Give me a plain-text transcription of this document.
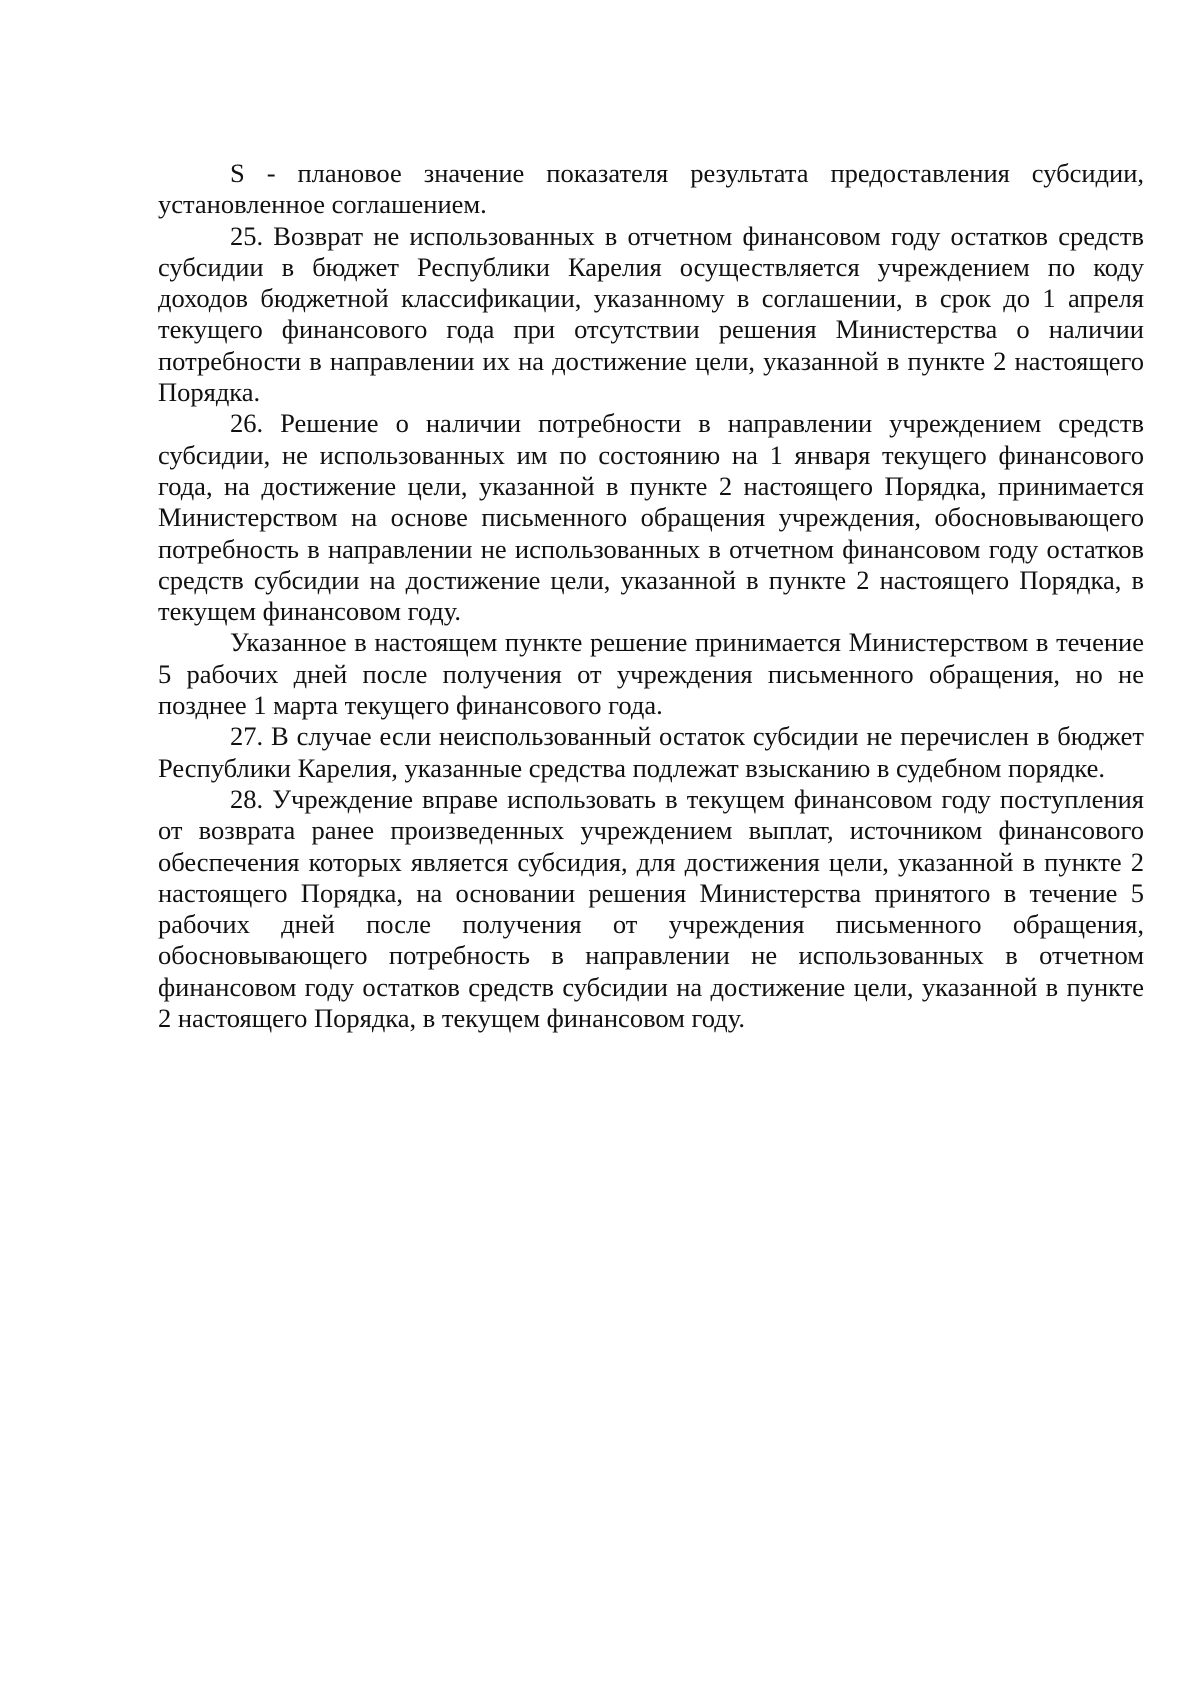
S - плановое значение показателя результата предоставления субсидии, установленное соглашением.

25. Возврат не использованных в отчетном финансовом году остатков средств субсидии в бюджет Республики Карелия осуществляется учреждением по коду доходов бюджетной классификации, указанному в соглашении, в срок до 1 апреля текущего финансового года при отсутствии решения Министерства о наличии потребности в направлении их на достижение цели, указанной в пункте 2 настоящего Порядка.

26. Решение о наличии потребности в направлении учреждением средств субсидии, не использованных им по состоянию на 1 января текущего финансового года, на достижение цели, указанной в пункте 2 настоящего Порядка, принимается Министерством на основе письменного обращения учреждения, обосновывающего потребность в направлении не использованных в отчетном финансовом году остатков средств субсидии на достижение цели, указанной в пункте 2 настоящего Порядка, в текущем финансовом году.

Указанное в настоящем пункте решение принимается Министерством в течение 5 рабочих дней после получения от учреждения письменного обращения, но не позднее 1 марта текущего финансового года.

27. В случае если неиспользованный остаток субсидии не перечислен в бюджет Республики Карелия, указанные средства подлежат взысканию в судебном порядке.

28. Учреждение вправе использовать в текущем финансовом году поступления от возврата ранее произведенных учреждением выплат, источником финансового обеспечения которых является субсидия, для достижения цели, указанной в пункте 2 настоящего Порядка, на основании решения Министерства принятого в течение 5 рабочих дней после получения от учреждения письменного обращения, обосновывающего потребность в направлении не использованных в отчетном финансовом году остатков средств субсидии на достижение цели, указанной в пункте 2 настоящего Порядка, в текущем финансовом году.
